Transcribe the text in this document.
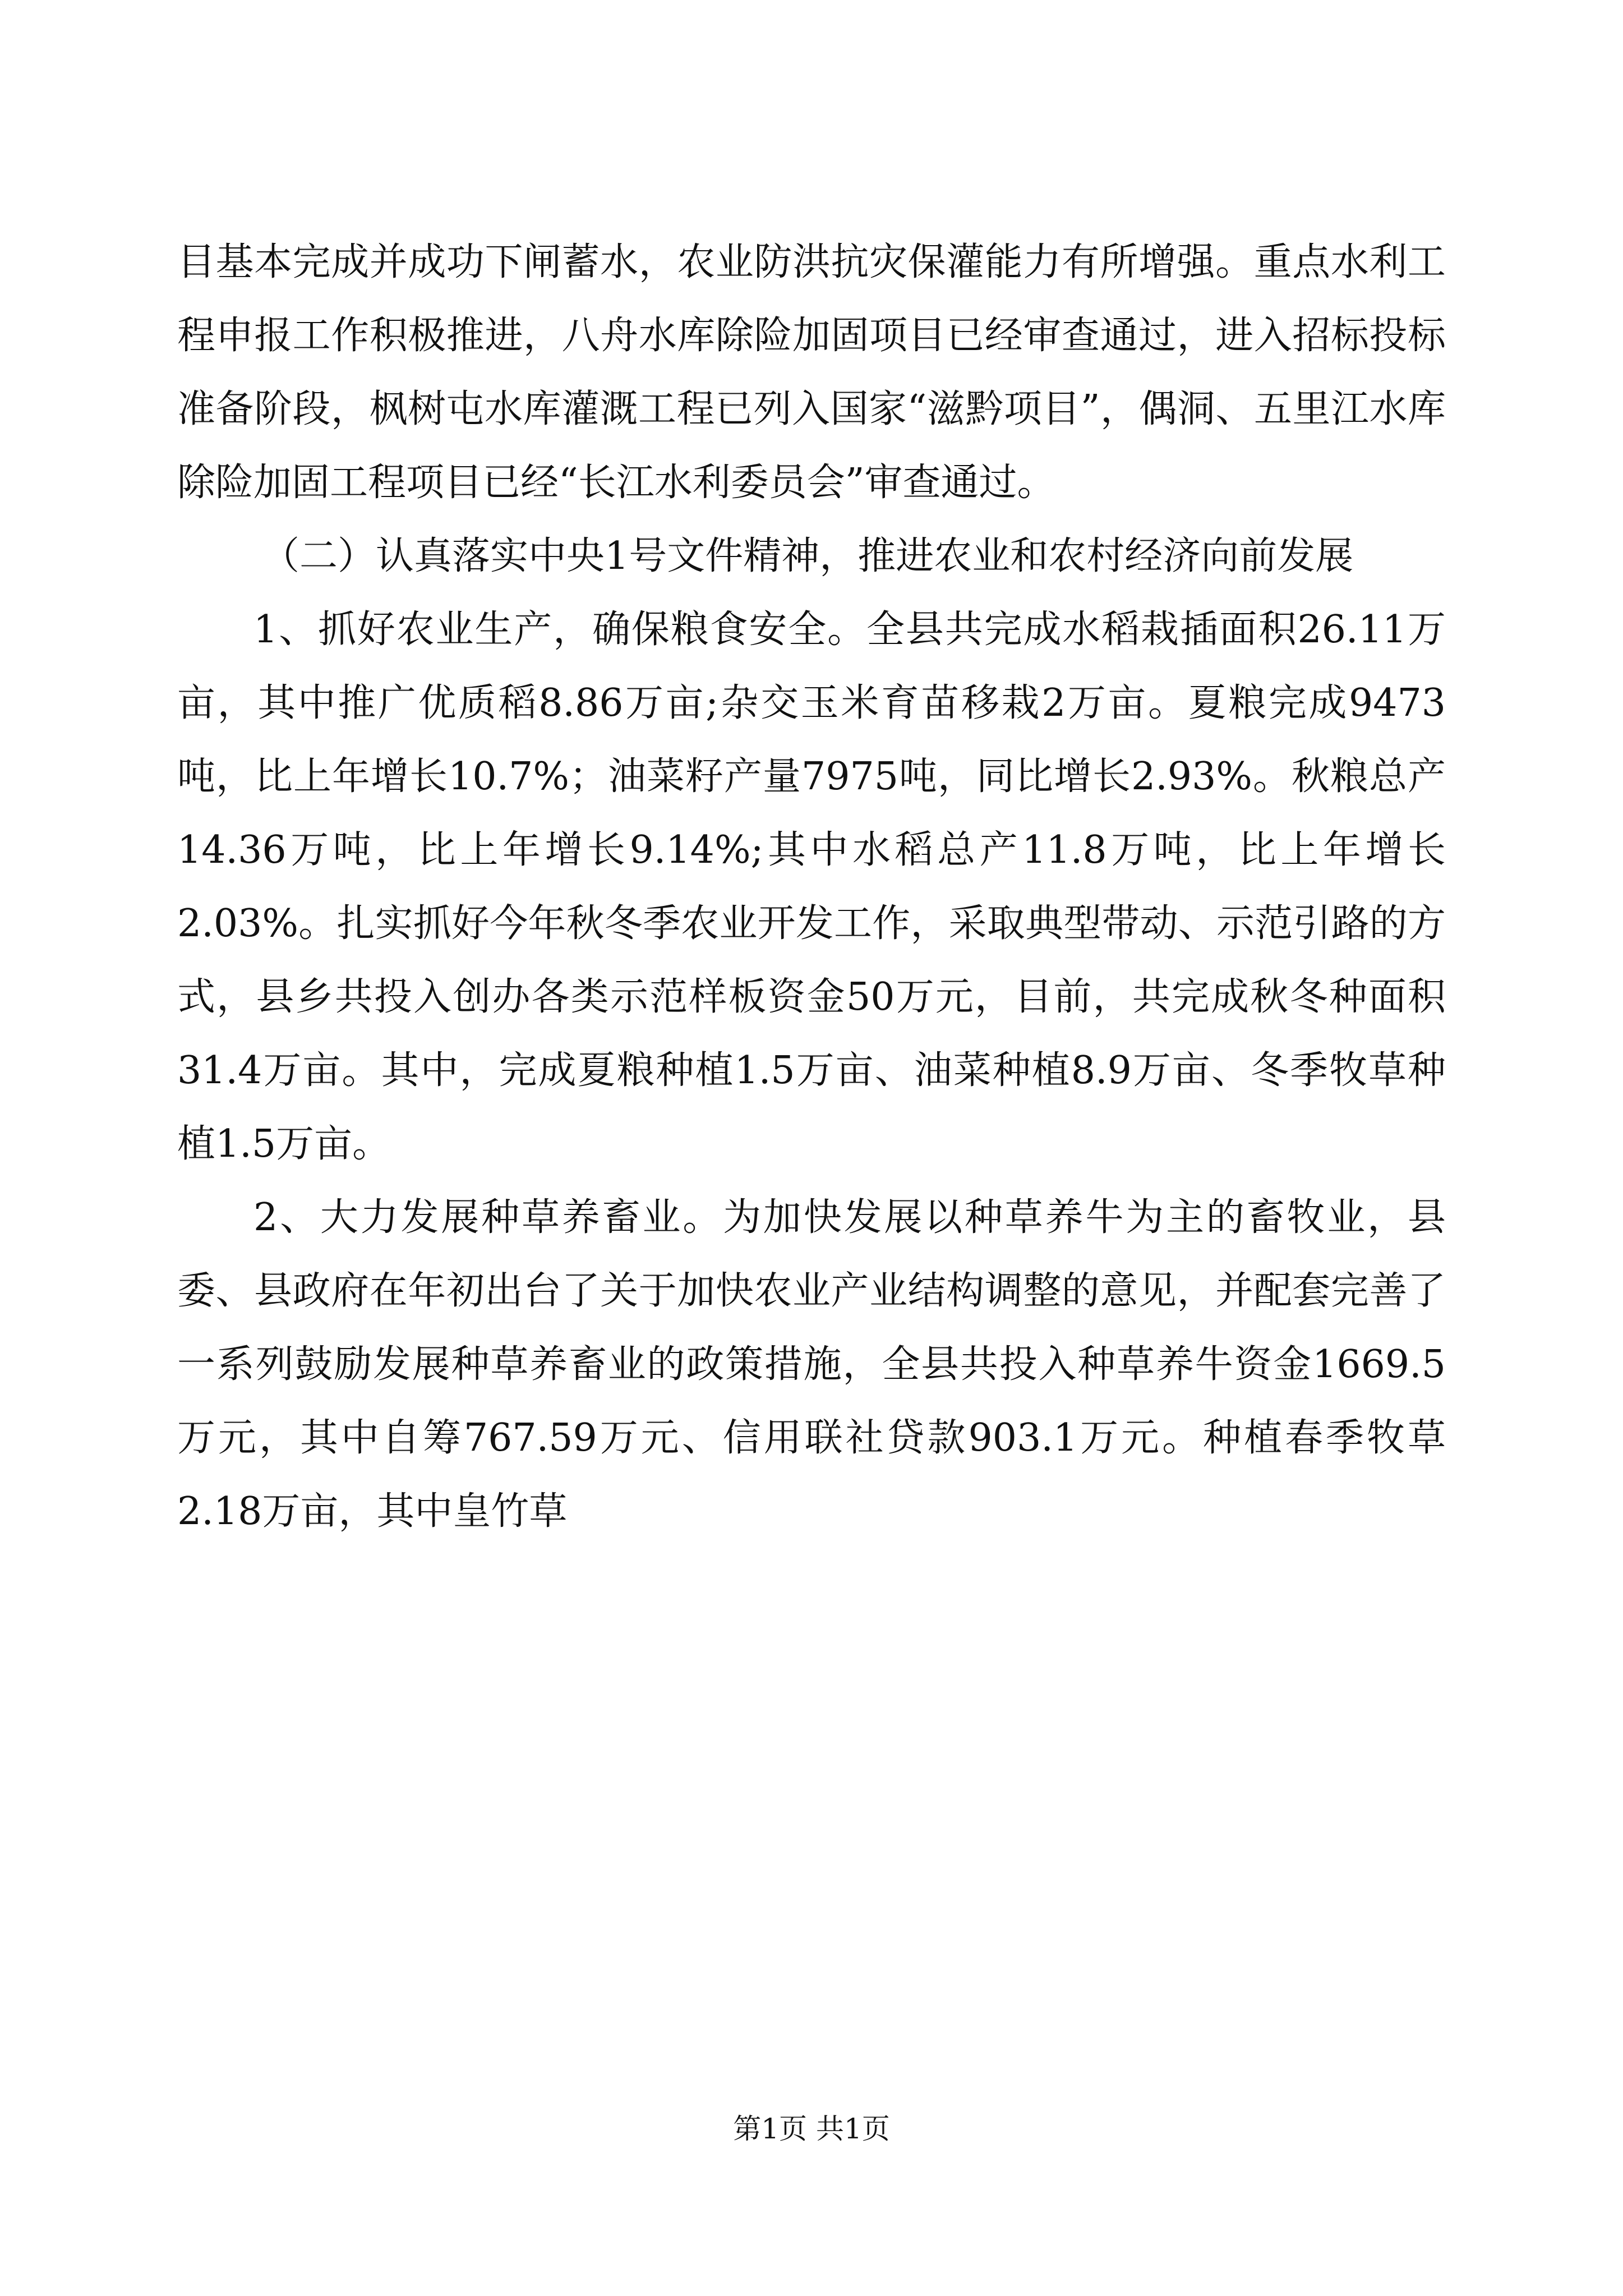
目基本完成并成功下闸蓄水，农业防洪抗灾保灌能力有所增强。重点水利工程申报工作积极推进，八舟水库除险加固项目已经审查通过，进入招标投标准备阶段，枫树屯水库灌溉工程已列入国家“滋黔项目”，偶洞、五里江水库除险加固工程项目已经“长江水利委员会”审查通过。

（二）认真落实中央1号文件精神，推进农业和农村经济向前发展

1、抓好农业生产，确保粮食安全。全县共完成水稻栽插面积26.11万亩，其中推广优质稻8.86万亩;杂交玉米育苗移栽2万亩。夏粮完成9473吨，比上年增长10.7%；油菜籽产量7975吨，同比增长2.93%。秋粮总产14.36万吨，比上年增长9.14%;其中水稻总产11.8万吨，比上年增长2.03%。扎实抓好今年秋冬季农业开发工作，采取典型带动、示范引路的方式，县乡共投入创办各类示范样板资金50万元，目前，共完成秋冬种面积31.4万亩。其中，完成夏粮种植1.5万亩、油菜种植8.9万亩、冬季牧草种植1.5万亩。

2、大力发展种草养畜业。为加快发展以种草养牛为主的畜牧业，县委、县政府在年初出台了关于加快农业产业结构调整的意见，并配套完善了一系列鼓励发展种草养畜业的政策措施，全县共投入种草养牛资金1669.5万元，其中自筹767.59万元、信用联社贷款903.1万元。种植春季牧草2.18万亩，其中皇竹草

第1页 共1页
